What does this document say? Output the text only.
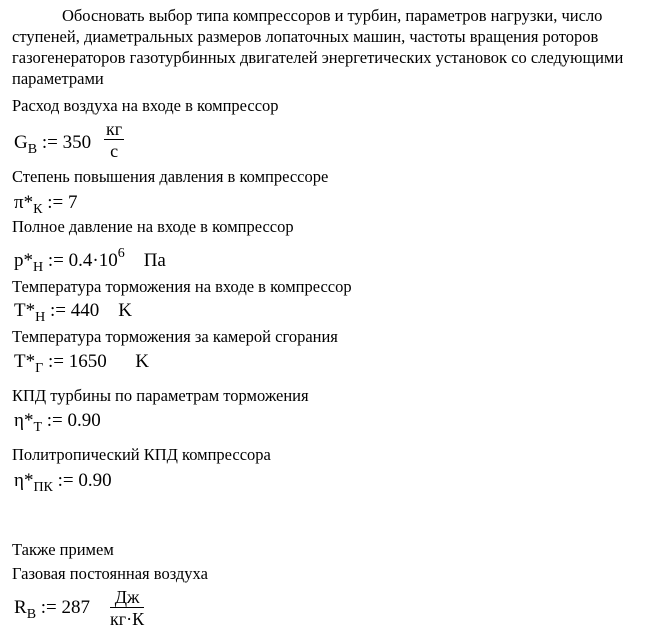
Обосновать выбор типа компрессоров и турбин, параметров нагрузки, число
ступеней, диаметральных размеров лопаточных машин, частоты вращения роторов
газогенераторов газотурбинных двигателей энергетических установок со следующими
параметрами
Расход воздуха на входе в компрессор
$G_В$ := 350
кг
с
Степень повышения давления в компрессоре
$\pi*_К$ := 7
Полное давление на входе в компрессор
$p*_Н$ := $0.4\cdot 10^6$ Па
Температура торможения на входе в компрессор
$T*_Н$ := 440 K
Температура торможения за камерой сгорания
$T*_Г$ := 1650 K
КПД турбины по параметрам торможения
$\eta*_Т$ := 0.90
Политропический КПД компрессора
$\eta*_{ПК}$ := 0.90
Также примем
Газовая постоянная воздуха
$R_В$ := 287 Дж
кг·К
